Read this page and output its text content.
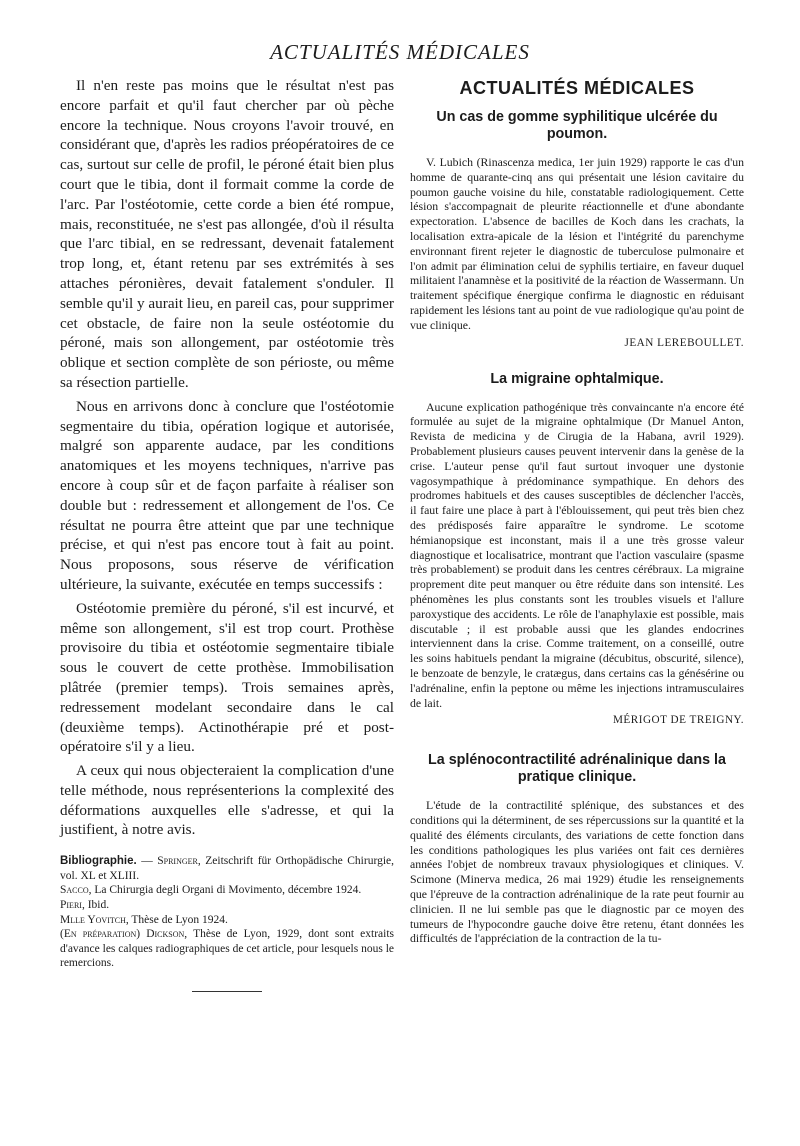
ACTUALITÉS MÉDICALES

Il n'en reste pas moins que le résultat n'est pas encore parfait et qu'il faut chercher par où pèche encore la technique. Nous croyons l'avoir trouvé, en considérant que, d'après les radios préopératoires de ce cas, surtout sur celle de profil, le péroné était bien plus court que le tibia, dont il formait comme la corde de l'arc. Par l'ostéotomie, cette corde a bien été rompue, mais, reconstituée, ne s'est pas allongée, d'où il résulta que l'arc tibial, en se redressant, devenait fatalement trop long, et, étant retenu par ses extrémités à ses attaches péronières, devait fatalement s'onduler. Il semble qu'il y aurait lieu, en pareil cas, pour supprimer cet obstacle, de faire non la seule ostéotomie du péroné, mais son allongement, par ostéotomie très oblique et section complète de son périoste, ou même sa résection partielle.

Nous en arrivons donc à conclure que l'ostéotomie segmentaire du tibia, opération logique et autorisée, malgré son apparente audace, par les conditions anatomiques et les moyens techniques, n'arrive pas encore à coup sûr et de façon parfaite à réaliser son double but : redressement et allongement de l'os. Ce résultat ne pourra être atteint que par une technique précise, et qui n'est pas encore tout à fait au point. Nous proposons, sous réserve de vérification ultérieure, la suivante, exécutée en temps successifs :

Ostéotomie première du péroné, s'il est incurvé, et même son allongement, s'il est trop court. Prothèse provisoire du tibia et ostéotomie segmentaire tibiale sous le couvert de cette prothèse. Immobilisation plâtrée (premier temps). Trois semaines après, redressement modelant secondaire dans le cal (deuxième temps). Actinothérapie pré et post-opératoire s'il y a lieu.

A ceux qui nous objecteraient la complication d'une telle méthode, nous représenterions la complexité des déformations auxquelles elle s'adresse, et qui la justifient, à notre avis.

Bibliographie. — Springer, Zeitschrift für Orthopädische Chirurgie, vol. XL et XLIII.
Sacco, La Chirurgia degli Organi di Movimento, décembre 1924.
Pieri, Ibid.
Mlle Yovitch, Thèse de Lyon 1924.
(En préparation) Dickson, Thèse de Lyon, 1929, dont sont extraits d'avance les calques radiographiques de cet article, pour lesquels nous le remercions.
ACTUALITÉS MÉDICALES
Un cas de gomme syphilitique ulcérée du poumon.

V. Lubich (Rinascenza medica, 1er juin 1929) rapporte le cas d'un homme de quarante-cinq ans qui présentait une lésion cavitaire du poumon gauche voisine du hile, constatable radiologiquement. Cette lésion s'accompagnait de pleurite réactionnelle et d'une abondante expectoration. L'absence de bacilles de Koch dans les crachats, la localisation extra-apicale de la lésion et l'intégrité du parenchyme environnant firent rejeter le diagnostic de tuberculose pulmonaire et l'on admit par élimination celui de syphilis tertiaire, en faveur duquel militaient l'anamnèse et la positivité de la réaction de Wassermann. Un traitement spécifique énergique confirma le diagnostic en réduisant rapidement les lésions tant au point de vue radiologique qu'au point de vue clinique.

JEAN LEREBOULLET.
La migraine ophtalmique.

Aucune explication pathogénique très convaincante n'a encore été formulée au sujet de la migraine ophtalmique (Dr Manuel Anton, Revista de medicina y de Cirugia de la Habana, avril 1929). Probablement plusieurs causes peuvent intervenir dans la genèse de la crise. L'auteur pense qu'il faut surtout invoquer une dystonie vagosympathique à prédominance sympathique. En dehors des prodromes habituels et des causes susceptibles de déclencher l'accès, il faut faire une place à part à l'éblouissement, qui peut très bien chez des prédisposés faire apparaître le syndrome. Le scotome hémianopsique est inconstant, mais il a une très grosse valeur diagnostique et localisatrice, montrant que l'action vasculaire (spasme très probablement) se produit dans les centres cérébraux. La migraine proprement dite peut manquer ou être réduite dans son intensité. Les phénomènes les plus constants sont les troubles visuels et l'allure paroxystique des accidents. Le rôle de l'anaphylaxie est possible, mais discutable ; il est probable aussi que les glandes endocrines interviennent dans la crise. Comme traitement, on a conseillé, outre les soins habituels pendant la migraine (décubitus, obscurité, silence), le benzoate de benzyle, le cratægus, dans certains cas la génésérine ou l'adrénaline, enfin la peptone ou même les injections intramusculaires de lait.

MÉRIGOT DE TREIGNY.
La splénocontractilité adrénalinique dans la pratique clinique.

L'étude de la contractilité splénique, des substances et des conditions qui la déterminent, de ses répercussions sur la quantité et la qualité des éléments circulants, des variations de cette fonction dans les conditions pathologiques les plus variées ont fait ces dernières années l'objet de nombreux travaux physiologiques et cliniques. V. Scimone (Minerva medica, 26 mai 1929) étudie les renseignements que l'épreuve de la contraction adrénalinique de la rate peut fournir au clinicien. Il ne lui semble pas que le diagnostic par ce moyen des tumeurs de l'hypocondre gauche doive être retenu, étant données les difficultés de l'appréciation de la contraction de la tu-
